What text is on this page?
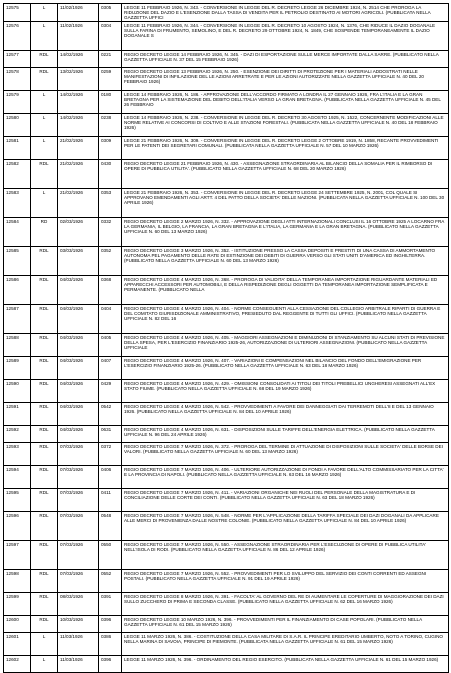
12575	L	11/02/1926	0305	LEGGE 11 FEBBRAIO 1926, N. 343. - CONVERSIONE IN LEGGE DEL R. DECRETO LEGGE 26 DICEMBRE 1924, N. 2514 CHE PROROGA LA RIDUZIONE DEL DAZIO E L'ESENZIONE DALLA TASSA DI VENDITA PER IL PETROLIO DESTINATO AI MOTORI AGRICOLI. (PUBBLICATA NELLA GAZZETTA UFFICI
12576	L	11/02/1926	0304	LEGGE 11 FEBBRAIO 1926, N. 344. - CONVERSIONE IN LEGGE DEL R. DECRETO 10 AGOSTO 1924, N. 1376, CHE RIDUCE IL DAZIO DOGANALE SULLA FARINA DI FRUMENTO, SEMOLINO, E DEL R. DECRETO 29 OTTOBRE 1924, N. 1849, CHE SOSPENDE TEMPORANEAMENTE IL DAZIO DOGANALE S
12577	RDL	14/02/1926	0221	REGIO DECRETO LEGGE 14 FEBBRAIO 1926, N. 345. - DAZI DI ESPORTAZIONE SULLE MERCE IMPORTATE DALLA SARRE. (PUBBLICATO NELLA GAZZETTA UFFICIALE N. 37 DEL 15 FEBBRAIO 1926)
12578	RDL	13/02/1926	0259	REGIO DECRETO LEGGE 13 FEBBRAIO 1926, N. 250. - ESENZIONE DEI DIRITTI DI PROTEZIONE PER I MATERIALI ADDOSTRATI NELLE MANIFESTAZIONI DI INFILAZIONE DEL LE AZIONI ARRETRATE E PER LE AZIONI AUTORIZZATE NELLA GAZZETTA UFFICIALE N. 40 DEL 20 FEBBRAIO 1926)
12579	L	14/02/1926	0180	LEGGE 14 FEBBRAIO 1926, N. 186. - APPROVAZIONE DELL'ACCORDO FIRMATO A LONDRA IL 27 GENNAIO 1926, FRA L'ITALIA E LA GRAN BRETAGNA PER LA SISTEMAZIONE DEL DEBITO DELL'ITALIA VERSO LA GRAN BRETAGNA. (PUBBLICATA NELLA GAZZETTA UFFICIALE N. 45 DEL 26 FEBBRAIO
12580	L	14/02/1926	0238	LEGGE 14 FEBBRAIO 1926, N. 238. - CONVERSIONE IN LEGGE DEL R. DECRETO 30 AGOSTO 1925, N. 1522, CONCERNENTE MODIFICAZIONI ALLE NORME RELATIVE AI CONCORSI DI COLTIVO E ALLE STAZIONI FORESTALI. (PUBBLICATA NELLA GAZZETTA UFFICIALE N. 40 DEL 18 FEBBRAIO 1926)
12581	L	21/02/1926	0309	LEGGE 21 FEBBRAIO 1926, N. 309. - CONVERSIONE IN LEGGE DEL R. DECRETO LEGGE 2 OTTOBRE 1919, N. 1858, RECANTE PROVVEDIMENTI PER LE PATENTI DEI SEGRETARI COMUNALI. (PUBBLICATA NELLA GAZZETTA UFFICIALE N. 57 DEL 10 MARZO 1926)
12582	RDL	21/02/1926	0430	REGIO DECRETO LEGGE 21 FEBBRAIO 1926, N. 430. - ASSEGNAZIONE STRAORDINARIA AL BILANCIO DELLA SOMALIA PER IL RIMBORSO DI OPERE DI PUBBLICA UTILITA'. (PUBBLICATO NELLA GAZZETTA UFFICIALE N. 68 DEL 20 MARZO 1926)
12583	L	21/02/1926	0353	LEGGE 21 FEBBRAIO 1926, N. 353. - CONVERSIONE IN LEGGE DEL R. DECRETO LEGGE 24 SETTEMBRE 1925, N. 2001, COL QUALE SI APPROVANO EMENDAMENTI AGLI ARTT. 4 DEL PATTO DELLA SOCIETA' DELLE NAZIONI. (PUBBLICATA NELLA GAZZETTA UFFICIALE N. 100 DEL 30 APRILE 1926)
12584	RD	02/03/1926	0332	REGIO DECRETO LEGGE 2 MARZO 1926, N. 332. - APPROVAZIONE DEGLI ATTI INTERNAZIONALI CONCLUSI IL 16 OTTOBRE 1925 A LOCARNO FRA LA GERMANIA, IL BELGIO, LA FRANCIA, LA GRAN BRETAGNA E L'ITALIA, LA GERMANIA E LA GRAN BRETAGNA. (PUBBLICATO NELLA GAZZETTA UFFICIALE N. 60 DEL 13 MARZO 1926)
12585	RDL	03/03/1926	0352	REGIO DECRETO LEGGE 3 MARZO 1926, N. 352. - ISTITUZIONE PRESSO LA CASSA DEPOSITI E PRESTITI DI UNA CASSA DI AMMORTAMENTO AUTONOMA PEL PAGAMENTO DELLE RATE DI ESTINZIONE DEI DEBITI DI GUERRA VERSO GLI STATI UNITI D'AMERICA ED INGHILTERRA. (PUBBLICATO NELLA GAZZETTA UFFICIALE N. 60 DEL 13 MARZO 1926)
12586	RDL	04/03/1926	0368	REGIO DECRETO LEGGE 4 MARZO 1926, N. 368. - PROROGA DI VALIDITA' DELLA TEMPORANEA IMPORTAZIONE RIGUARDANTE MATERIALI ED APPARECCHI ACCESSORI PER AUTOMOBILI, E DELLA RISPEDIZIONE DEGLI OGGETTI DA TEMPORANEA IMPORTAZIONE SEMPLIFICATA E PERMANENTE. (PUBBLICATO NELLA
12587	RDL	04/03/1926	0404	REGIO DECRETO LEGGE 4 MARZO 1926, N. 404. - NORME CONSEGUENTI ALLA CESSAZIONE DEL COLLEGIO ARBITRALE RIPARTI DI GUERRA E DEL COMITATO GIURISDIZIONALE AMMINISTRATIVO, PRESIEDUTO DAL REGGENTE DI TUTTI GLI UFFICI. (PUBBLICATO NELLA GAZZETTA UFFICIALE N. 82 DEL 16
12588	RDL	04/03/1926	0405	REGIO DECRETO LEGGE 4 MARZO 1926, N. 405. - MAGGIORI ASSEGNAZIONI E DIMINUZIONI DI STANZIAMENTO SU ALCUNI STATI DI PREVISIONE DELLA SPESA, PER L'ESERCIZIO FINANZIARIO 1925-26, AUTORIZZAZIONE DI ULTERIORI ASSEGNAZIONI. (PUBBLICATO NELLA GAZZETTA UFFICIALE
12589	RDL	04/03/1926	0407	REGIO DECRETO LEGGE 4 MARZO 1926, N. 407. - VARIAZIONI E COMPENSAZIONI NEL BILANCIO DEL FONDO DELL'EMIGRAZIONE PER L'ESERCIZIO FINANZIARIO 1925-26. (PUBBLICATO NELLA GAZZETTA UFFICIALE N. 63 DEL 18 MARZO 1926)
12590	RDL	04/03/1926	0429	REGIO DECRETO LEGGE 4 MARZO 1926, N. 429. - OMISSIONI CONSOLIDATI AI TITOLI DEI TITOLI PREBELLICI UNGHERESI ASSEGNATI ALL'EX STATO FIUME. (PUBBLICATO NELLA GAZZETTA UFFICIALE N. 68 DEL 19 MARZO 1926)
12591	RDL	04/03/1926	0542	REGIO DECRETO LEGGE 4 MARZO 1926, N. 542. - PROVVEDIMENTI A FAVORE DEI DANNEGGIATI DAI TERREMOTI DELL'8 E DEL 13 GENNAIO 1926. (PUBBLICATO NELLA GAZZETTA UFFICIALE N. 84 DEL 10 APRILE 1926)
12592	RDL	04/03/1926	0631	REGIO DECRETO LEGGE 4 MARZO 1926, N. 631. - DISPOSIZIONI SULLE TARIFFE DELL'ENERGIA ELETTRICA. (PUBBLICATO NELLA GAZZETTA UFFICIALE N. 96 DEL 24 APRILE 1926)
12593	RDL	07/03/1926	0372	REGIO DECRETO LEGGE 7 MARZO 1926, N. 372. - PROROGA DEL TERMINE DI ATTUAZIONE DI DISPOSIZIONI SULLE SOCIETA' DELLE BORSE DEI VALORI. (PUBBLICATO NELLA GAZZETTA UFFICIALE N. 60 DEL 13 MARZO 1926)
12594	RDL	07/03/1926	0406	REGIO DECRETO LEGGE 7 MARZO 1926, N. 406. - ULTERIORE AUTORIZZAZIONE DI FONDI A FAVORE DELL'ALTO COMMISSARIATO PER LA CITTA' E LA PROVINCIA DI NAPOLI. (PUBBLICATO NELLA GAZZETTA UFFICIALE N. 63 DEL 16 MARZO 1926)
12595	RDL	07/03/1926	0411	REGIO DECRETO LEGGE 7 MARZO 1926, N. 411. - VARIAZIONI ORGANICHE NEI RUOLI DEL PERSONALE DELLA MAGISTRATURA E DI CONCILIAZIONE DELLE CORTE DEI CONTI. (PUBBLICATO NELLA GAZZETTA UFFICIALE N. 63 DEL 18 MARZO 1926)
12596	RDL	07/03/1926	0548	REGIO DECRETO LEGGE 7 MARZO 1926, N. 548. - NORME PER L'APPLICAZIONE DELLA TARIFFA SPECIALE DEI DAZI DOGANALI DA APPLICARE ALLE MERCI DI PROVENIENZA DALLE NOSTRE COLONIE. (PUBBLICATO NELLA GAZZETTA UFFICIALE N. 84 DEL 10 APRILE 1926)
12597	RDL	07/03/1926	0550	REGIO DECRETO LEGGE 7 MARZO 1926, N. 550. - ASSEGNAZIONE STRAORDINARIA PER L'ESECUZIONE DI OPERE DI PUBBLICA UTILITA' NELL'ISOLA DI RODI. (PUBBLICATO NELLA GAZZETTA UFFICIALE N. 86 DEL 12 APRILE 1926)
12598	RDL	07/03/1926	0552	REGIO DECRETO LEGGE 7 MARZO 1926, N. 552. - PROVVEDIMENTI PER LO SVILUPPO DEL SERVIZIO DEI CONTI CORRENTI ED ASSEGNI POSTALI. (PUBBLICATO NELLA GAZZETTA UFFICIALE N. 91 DEL 19 APRILE 1926)
12599	RDL	08/03/1926	0391	REGIO DECRETO LEGGE 8 MARZO 1926, N. 391. - FACOLTA' AL GOVERNO DEL RE DI AUMENTARE LE COPERTURE DI MAGGIORAZIONE DEI DAZI SULLO ZUCCHERO DI PRIMA E SECONDA CLASSE. (PUBBLICATO NELLA GAZZETTA UFFICIALE N. 62 DEL 16 MARZO 1926)
12600	RDL	10/03/1926	0396	REGIO DECRETO LEGGE 10 MARZO 1926, N. 396. - PROVVEDIMENTI PER IL FINANZIAMENTO DI CASE POPOLARI. (PUBBLICATO NELLA GAZZETTA UFFICIALE N. 61 DEL 15 MARZO 1926)
12601	L	11/03/1926	0386	LEGGE 11 MARZO 1926, N. 386. - COSTITUZIONE DELLA CASA MILITARE DI S.A.R. IL PRINCIPE EREDITARIO UMBERTO, NOTO A TORINO, CUGINO NELLA MARINA DI SAVOIA, PRINCIPE DI PIEMONTE. (PUBBLICATA NELLA GAZZETTA UFFICIALE N. 61 DEL 15 MARZO 1926)
12602	L	11/03/1926	0396	LEGGE 11 MARZO 1926, N. 396. - ORDINAMENTO DEL REGIO ESERCITO. (PUBBLICATA NELLA GAZZETTA UFFICIALE N. 61 DEL 15 MARZO 1926)
